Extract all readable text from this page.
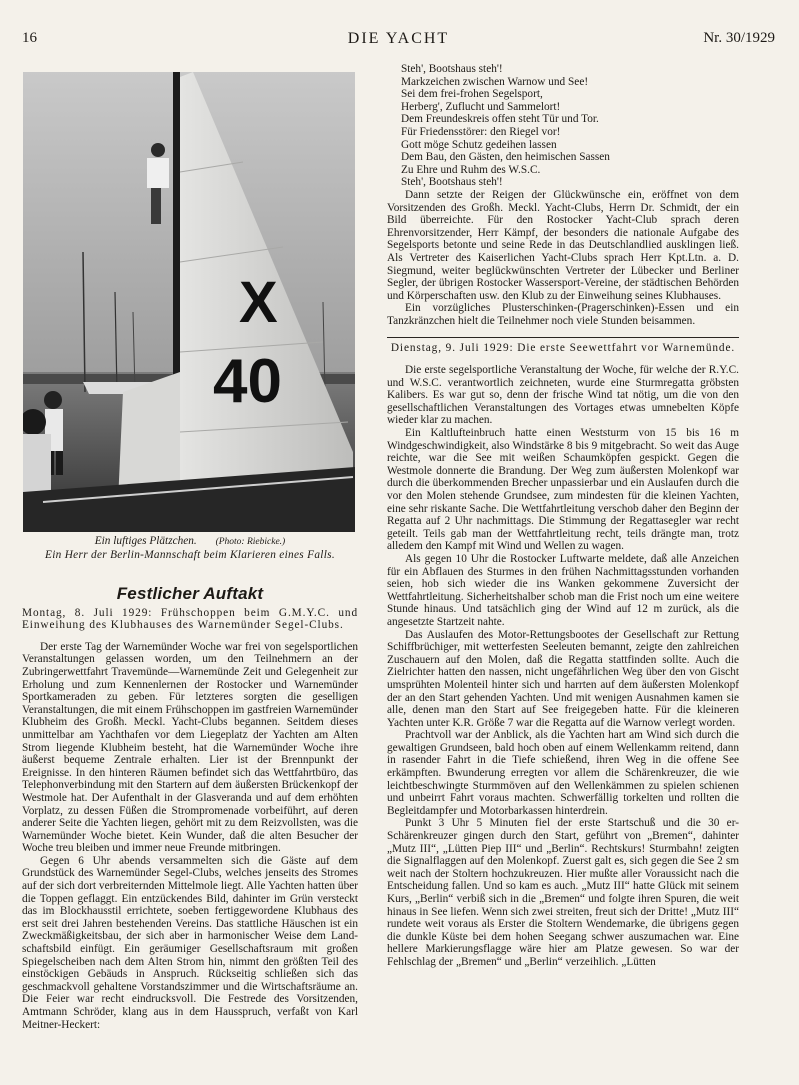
16	DIE YACHT	Nr. 30/1929
X
40
Ein luftiges Plätzchen. (Photo: Riebicke.)
Ein Herr der Berlin-Mannschaft beim Klarieren eines Falls.
Festlicher Auftakt
Montag, 8. Juli 1929: Frühschoppen beim G.M.Y.C. und Einweihung des Klubhauses des Warnemünder Segel-Clubs.

Der erste Tag der Warnemünder Woche war frei von segelsportlichen Veranstaltungen gelassen worden, um den Teilnehmern an der Zubringerwettfahrt Travemünde—Warnemünde Zeit und Gelegenheit zur Erholung und zum Kennenlernen der Rostocker und Warnemünder Sportkameraden zu geben. Für letzteres sorgten die geselligen Veranstaltungen, die mit einem Frühschoppen im gastfreien Warnemünder Klubheim des Großh. Meckl. Yacht-Clubs begannen. Seitdem dieses unmittelbar am Yachthafen vor dem Liegeplatz der Yachten am Alten Strom liegende Klubheim besteht, hat die Warnemünder Woche ihre äußerst bequeme Zentrale erhalten. Lier ist der Brennpunkt der Ereignisse. In den hinteren Räumen befindet sich das Wettfahrtbüro, das Telephonverbindung mit den Startern auf dem äußersten Brückenkopf der Westmole hat. Der Aufenthalt in der Glasveranda und auf dem erhöhten Vorplatz, zu dessen Füßen die Strompromenade vorbeiführt, auf deren anderer Seite die Yachten liegen, gehört mit zu dem Reizvollsten, was die Warnemünder Woche bietet. Kein Wunder, daß die alten Besucher der Woche treu bleiben und immer neue Freunde mitbringen.

Gegen 6 Uhr abends versammelten sich die Gäste auf dem Grundstück des Warnemünder Segel-Clubs, welches jenseits des Stromes auf der sich dort verbreiternden Mittelmole liegt. Alle Yachten hatten über die Toppen geflaggt. Ein entzückendes Bild, dahinter im Grün versteckt das im Blockhausstil errichtete, soeben fertiggewordene Klubhaus des erst seit drei Jahren bestehenden Vereins. Das stattliche Häuschen ist ein Zweckmäßigkeitsbau, der sich aber in harmonischer Weise dem Landschaftsbild einfügt. Ein geräumiger Gesellschaftsraum mit großen Spiegelscheiben nach dem Alten Strom hin, nimmt den größten Teil des einstöckigen Gebäuds in Anspruch. Rückseitig schließen sich das geschmackvoll gehaltene Vorstandszimmer und die Wirtschaftsräume an. Die Feier war recht eindrucksvoll. Die Festrede des Vorsitzenden, Amtmann Schröder, klang aus in dem Hausspruch, verfaßt von Karl Meitner-Heckert:

Steh', Bootshaus steh'!
Markzeichen zwischen Warnow und See!
Sei dem frei-frohen Segelsport,
Herberg', Zuflucht und Sammelort!
Dem Freundeskreis offen steht Tür und Tor.
Für Friedensstörer: den Riegel vor!
Gott möge Schutz gedeihen lassen
Dem Bau, den Gästen, den heimischen Sassen
Zu Ehre und Ruhm des W.S.C.
Steh', Bootshaus steh'!

Dann setzte der Reigen der Glückwünsche ein, eröffnet von dem Vorsitzenden des Großh. Meckl. Yacht-Clubs, Herrn Dr. Schmidt, der ein Bild überreichte. Für den Rostocker Yacht-Club sprach deren Ehrenvorsitzender, Herr Kämpf, der besonders die nationale Aufgabe des Segelsports betonte und seine Rede in das Deutschlandlied ausklingen ließ. Als Vertreter des Kaiserlichen Yacht-Clubs sprach Herr Kpt.Ltn. a. D. Siegmund, weiter beglückwünschten Vertreter der Lübecker und Berliner Segler, der übrigen Rostocker Wassersport-Vereine, der städtischen Behörden und Körperschaften usw. den Klub zu der Einweihung seines Klubhauses.

Ein vorzügliches Plusterschinken-(Pragerschinken)-Essen und ein Tanzkränzchen hielt die Teilnehmer noch viele Stunden beisammen.

Dienstag, 9. Juli 1929: Die erste Seewettfahrt vor Warnemünde.

Die erste segelsportliche Veranstaltung der Woche, für welche der R.Y.C. und W.S.C. verantwortlich zeichneten, wurde eine Sturmregatta gröbsten Kalibers. Es war gut so, denn der frische Wind tat nötig, um die von den gesellschaftlichen Veranstaltungen des Vortages etwas umnebelten Köpfe wieder klar zu machen.

Ein Kaltlufteinbruch hatte einen Weststurm von 15 bis 16 m Windgeschwindigkeit, also Windstärke 8 bis 9 mitgebracht. So weit das Auge reichte, war die See mit weißen Schaumköpfen gespickt. Gegen die Westmole donnerte die Brandung. Der Weg zum äußersten Molenkopf war durch die überkommenden Brecher unpassierbar und ein Auslaufen durch die vor den Molen stehende Grundsee, zum mindesten für die kleinen Yachten, eine sehr riskante Sache. Die Wettfahrtleitung verschob daher den Beginn der Regatta auf 2 Uhr nachmittags. Die Stimmung der Regattasegler war recht geteilt. Teils gab man der Wettfahrtleitung recht, teils drängte man, trotz alledem den Kampf mit Wind und Wellen zu wagen.

Als gegen 10 Uhr die Rostocker Luftwarte meldete, daß alle Anzeichen für ein Abflauen des Sturmes in den frühen Nachmittagsstunden vorhanden seien, hob sich wieder die ins Wanken gekommene Zuversicht der Wettfahrtleitung. Sicherheitshalber schob man die Frist noch um eine weitere Stunde hinaus. Und tatsächlich ging der Wind auf 12 m zurück, als die angesetzte Startzeit nahte.

Das Auslaufen des Motor-Rettungsbootes der Gesellschaft zur Rettung Schiffbrüchiger, mit wetterfesten Seeleuten bemannt, zeigte den zahlreichen Zuschauern auf den Molen, daß die Regatta stattfinden sollte. Auch die Zielrichter hatten den nassen, nicht ungefährlichen Weg über den von Gischt umsprühten Molenteil hinter sich und harrten auf dem äußersten Molenkopf der an den Start gehenden Yachten. Und mit wenigen Ausnahmen kamen sie alle, denen man den Start auf See freigegeben hatte. Für die kleineren Yachten unter K.R. Größe 7 war die Regatta auf die Warnow verlegt worden.

Prachtvoll war der Anblick, als die Yachten hart am Wind sich durch die gewaltigen Grundseen, bald hoch oben auf einem Wellenkamm reitend, dann in rasender Fahrt in die Tiefe schießend, ihren Weg in die offene See erkämpften. Bwunderung erregten vor allem die Schärenkreuzer, die wie leichtbeschwingte Sturmmöven auf den Wellenkämmen zu spielen schienen und unbeirrt Fahrt voraus machten. Schwerfällig torkelten und rollten die Begleitdampfer und Motorbarkassen hinterdrein.

Punkt 3 Uhr 5 Minuten fiel der erste Startschuß und die 30 er-Schärenkreuzer gingen durch den Start, geführt von „Bremen“, dahinter „Mutz III“, „Lütten Piep III“ und „Berlin“. Rechtskurs! Sturmbahn! zeigten die Signalflaggen auf den Molenkopf. Zuerst galt es, sich gegen die See 2 sm weit nach der Stoltern hochzukreuzen. Hier mußte aller Voraussicht nach die Entscheidung fallen. Und so kam es auch. „Mutz III“ hatte Glück mit seinem Kurs, „Berlin“ verbiß sich in die „Bremen“ und folgte ihren Spuren, die weit hinaus in See liefen. Wenn sich zwei streiten, freut sich der Dritte! „Mutz III“ rundete weit voraus als Erster die Stoltern Wendemarke, die übrigens gegen die dunkle Küste bei dem hohen Seegang schwer auszumachen war. Eine hellere Markierungsflagge wäre hier am Platze gewesen. So war der Fehlschlag der „Bremen“ und „Berlin“ verzeihlich. „Lütten
